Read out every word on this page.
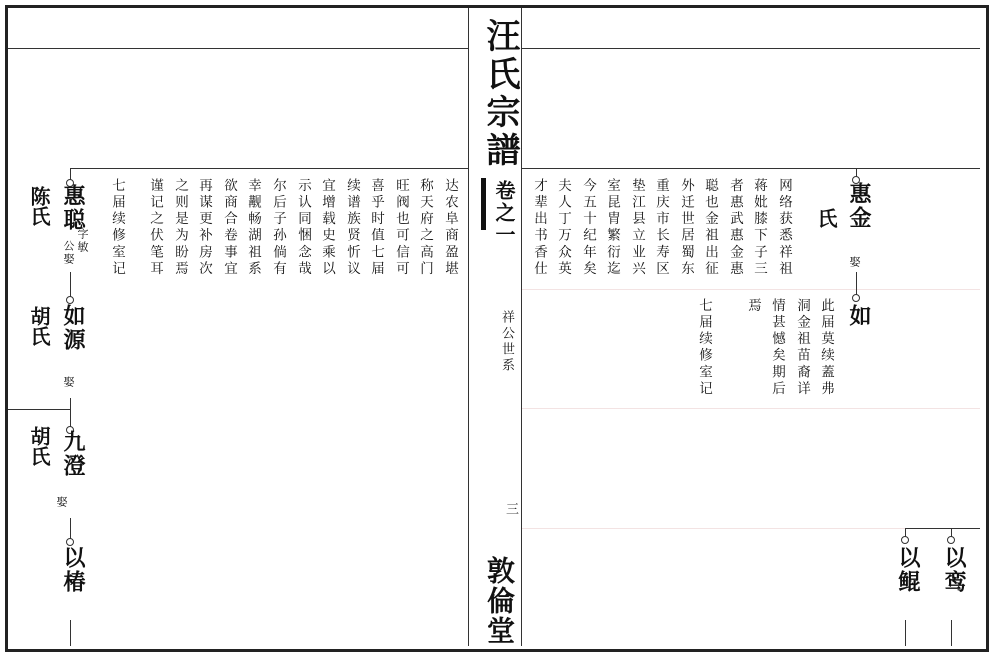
汪氏宗譜
卷之一
祥公世系
三
敦倫堂
达农阜商盈堪
称天府之高门
旺阀也可信可
喜乎时值七届
续谱族贤忻议
宜增载史乘以
示认同悃念哉
尔后子孙倘有
幸觏畅湖祖系
欲商合卷事宜
再谋更补房次
之则是为盼焉
谨记之伏笔耳
七届续修室记
惠聪
陈氏
字敏
公娶
如源
胡氏
娶
九澄
胡氏
娶
以椿
网络获悉祥祖
蒋妣膝下子三
者惠武惠金惠
聪也金祖出征
外迁世居蜀东
重庆市长寿区
垫江县立业兴
室昆胄繁衍迄
今五十纪年矣
夫人丁万众英
才辈出书香仕
此届莫续蓋弗
洞金祖苗裔详
情甚憾矣期后
焉
七届续修室记
惠金
氏
娶
如
以鸾
以鲲
